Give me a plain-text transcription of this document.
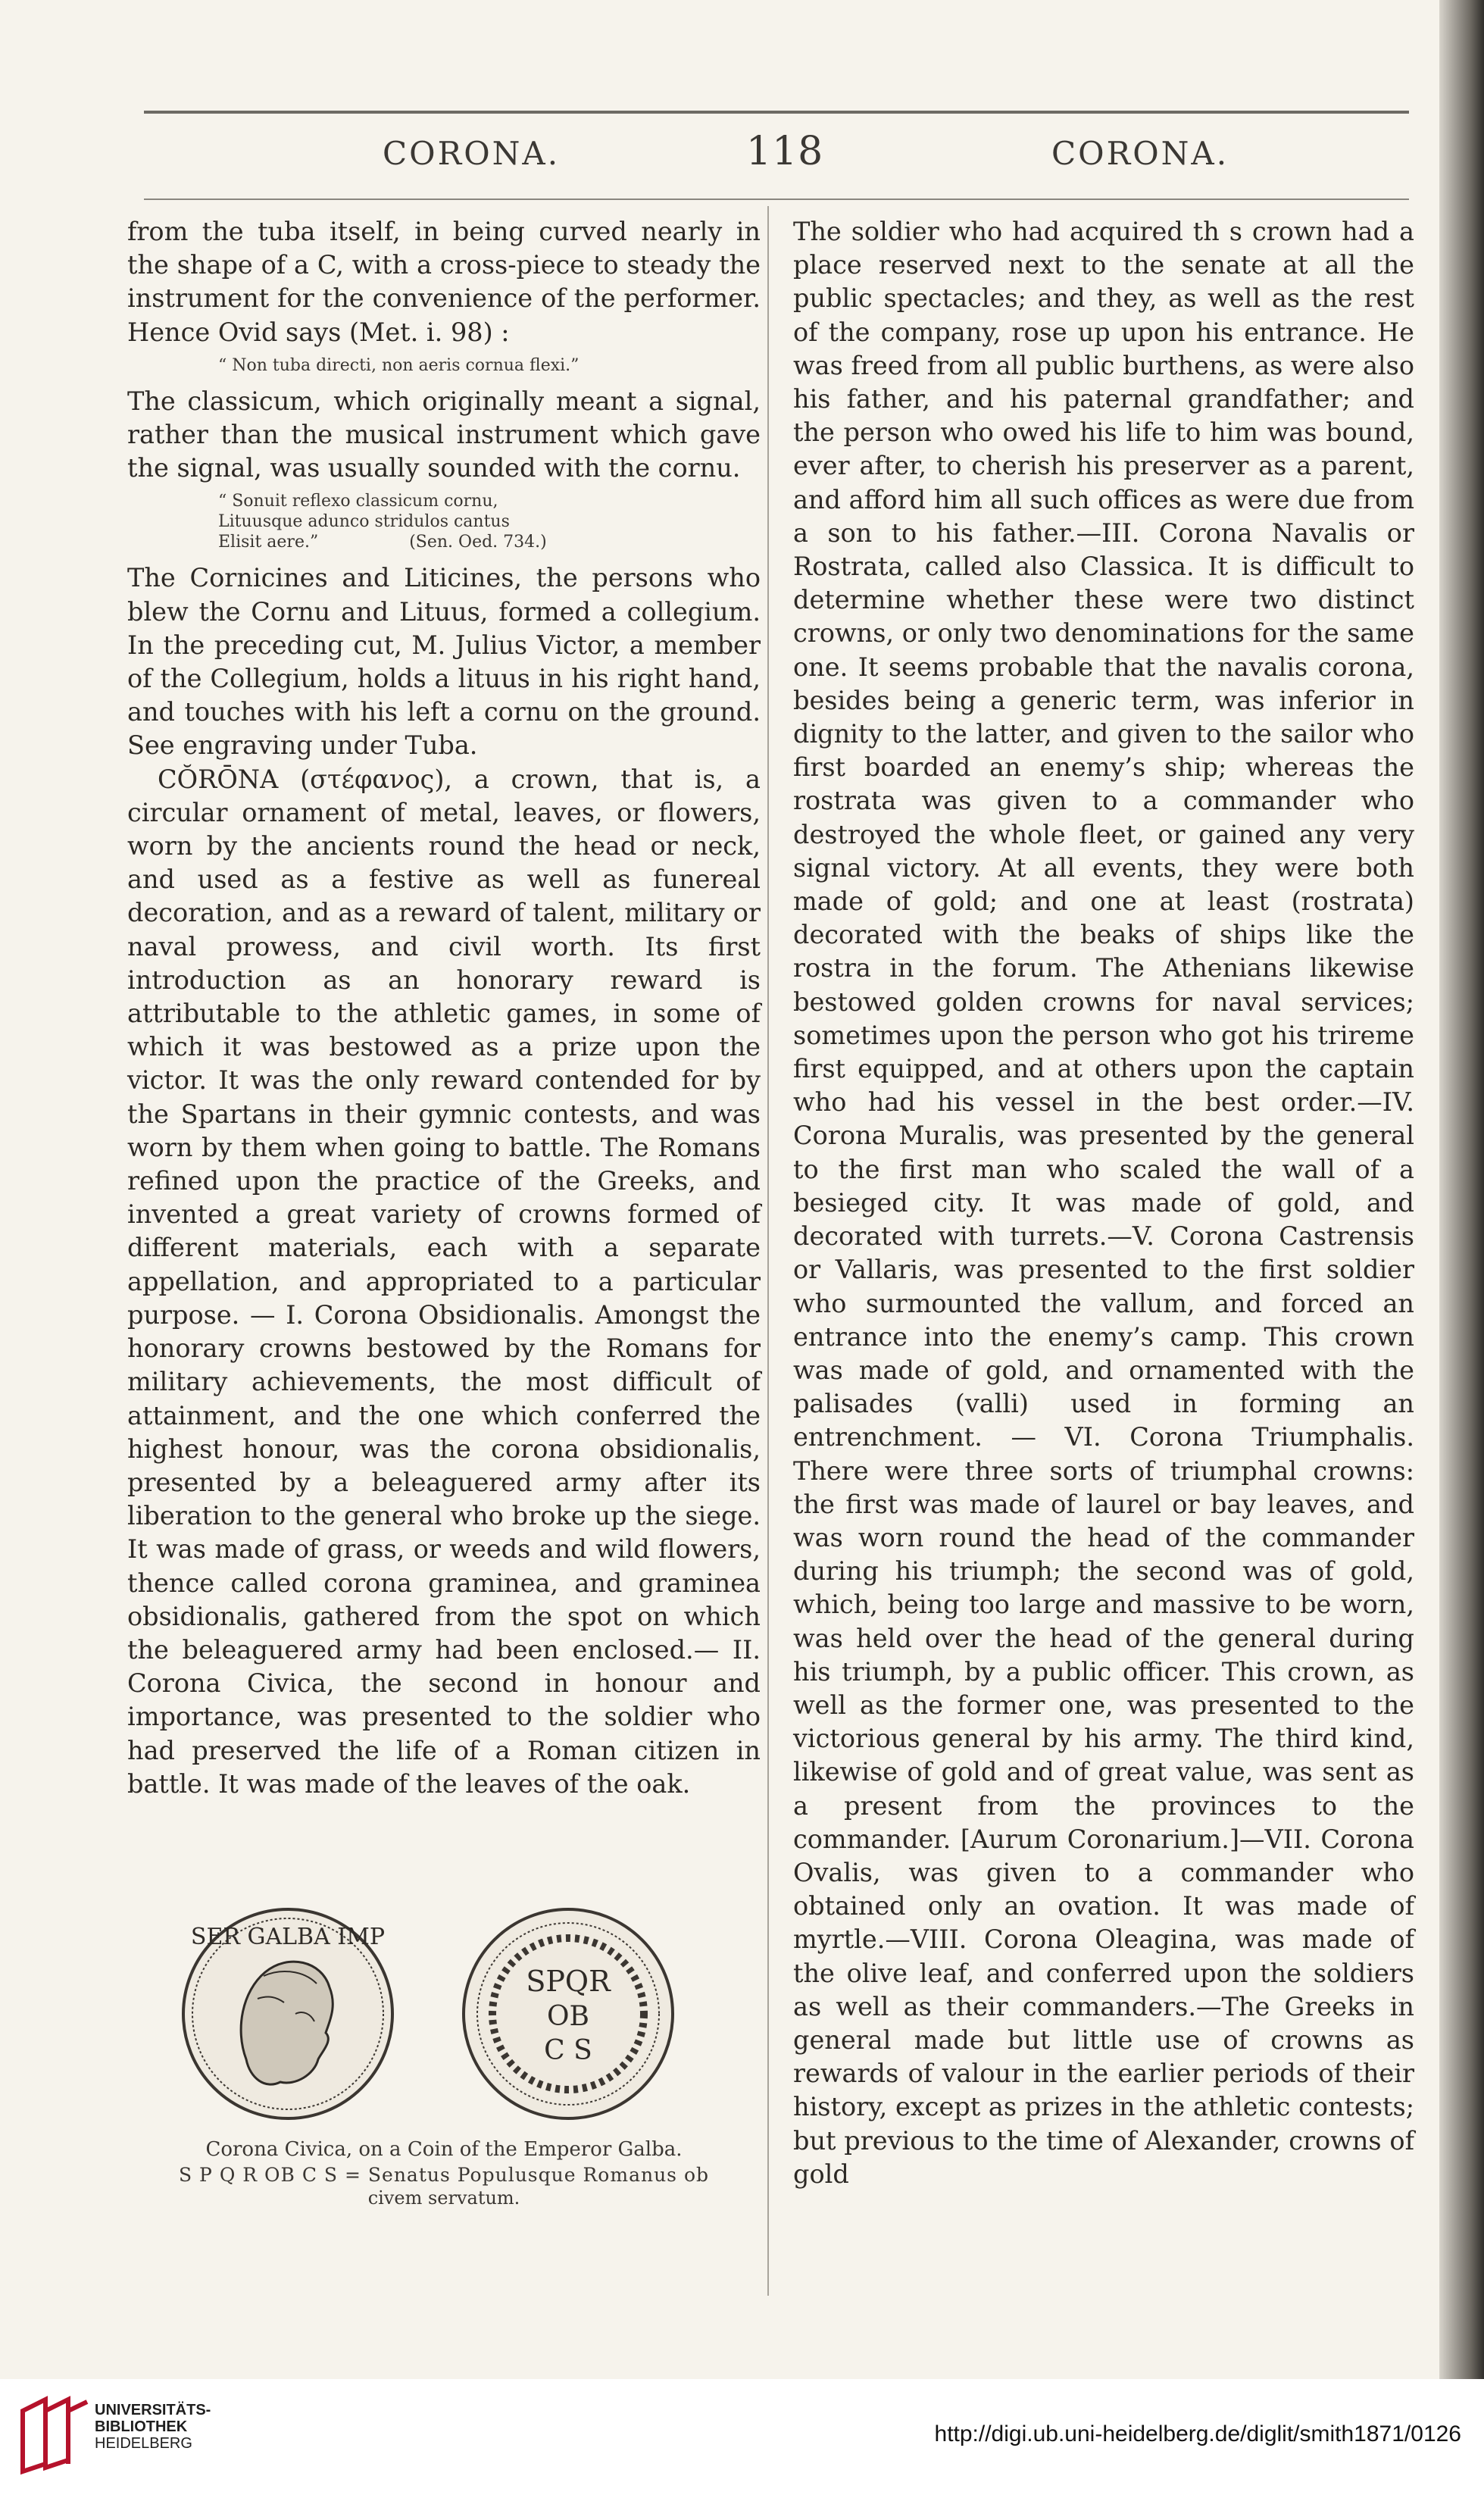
CORONA.	118	CORONA.

from the tuba itself, in being curved nearly in the shape of a C, with a cross-piece to steady the instrument for the convenience of the performer. Hence Ovid says (Met. i. 98) :

“ Non tuba directi, non aeris cornua flexi.”

The classicum, which originally meant a signal, rather than the musical instrument which gave the signal, was usually sounded with the cornu.

“ Sonuit reflexo classicum cornu,
Lituusque adunco stridulos cantus
Elisit aere.”	(Sen. Oed. 734.)

The Cornicines and Liticines, the persons who blew the Cornu and Lituus, formed a collegium. In the preceding cut, M. Julius Victor, a member of the Collegium, holds a lituus in his right hand, and touches with his left a cornu on the ground. See engraving under Tuba.

CŎRŌNA (στέφανος), a crown, that is, a circular ornament of metal, leaves, or flowers, worn by the ancients round the head or neck, and used as a festive as well as funereal decoration, and as a reward of talent, military or naval prowess, and civil worth. Its first introduction as an honorary reward is attributable to the athletic games, in some of which it was bestowed as a prize upon the victor. It was the only reward contended for by the Spartans in their gymnic contests, and was worn by them when going to battle. The Romans refined upon the practice of the Greeks, and invented a great variety of crowns formed of different materials, each with a separate appellation, and appropriated to a particular purpose. — I. Corona Obsidionalis. Amongst the honorary crowns bestowed by the Romans for military achievements, the most difficult of attainment, and the one which conferred the highest honour, was the corona obsidionalis, presented by a beleaguered army after its liberation to the general who broke up the siege. It was made of grass, or weeds and wild flowers, thence called corona graminea, and graminea obsidionalis, gathered from the spot on which the beleaguered army had been enclosed.— II. Corona Civica, the second in honour and importance, was presented to the soldier who had preserved the life of a Roman citizen in battle. It was made of the leaves of the oak.

SER GALBA IMP
SPQR
OB
C S
Corona Civica, on a Coin of the Emperor Galba.
S P Q R OB C S = Senatus Populusque Romanus ob
civem servatum.

The soldier who had acquired th s crown had a place reserved next to the senate at all the public spectacles; and they, as well as the rest of the company, rose up upon his entrance. He was freed from all public burthens, as were also his father, and his paternal grandfather; and the person who owed his life to him was bound, ever after, to cherish his preserver as a parent, and afford him all such offices as were due from a son to his father.—III. Corona Navalis or Rostrata, called also Classica. It is difficult to determine whether these were two distinct crowns, or only two denominations for the same one. It seems probable that the navalis corona, besides being a generic term, was inferior in dignity to the latter, and given to the sailor who first boarded an enemy’s ship; whereas the rostrata was given to a commander who destroyed the whole fleet, or gained any very signal victory. At all events, they were both made of gold; and one at least (rostrata) decorated with the beaks of ships like the rostra in the forum. The Athenians likewise bestowed golden crowns for naval services; sometimes upon the person who got his trireme first equipped, and at others upon the captain who had his vessel in the best order.—IV. Corona Muralis, was presented by the general to the first man who scaled the wall of a besieged city. It was made of gold, and decorated with turrets.—V. Corona Castrensis or Vallaris, was presented to the first soldier who surmounted the vallum, and forced an entrance into the enemy’s camp. This crown was made of gold, and ornamented with the palisades (valli) used in forming an entrenchment. — VI. Corona Triumphalis. There were three sorts of triumphal crowns: the first was made of laurel or bay leaves, and was worn round the head of the commander during his triumph; the second was of gold, which, being too large and massive to be worn, was held over the head of the general during his triumph, by a public officer. This crown, as well as the former one, was presented to the victorious general by his army. The third kind, likewise of gold and of great value, was sent as a present from the provinces to the commander. [Aurum Coronarium.]—VII. Corona Ovalis, was given to a commander who obtained only an ovation. It was made of myrtle.—VIII. Corona Oleagina, was made of the olive leaf, and conferred upon the soldiers as well as their commanders.—The Greeks in general made but little use of crowns as rewards of valour in the earlier periods of their history, except as prizes in the athletic contests; but previous to the time of Alexander, crowns of gold

UNIVERSITÄTS-
BIBLIOTHEK
HEIDELBERG	http://digi.ub.uni-heidelberg.de/diglit/smith1871/0126
